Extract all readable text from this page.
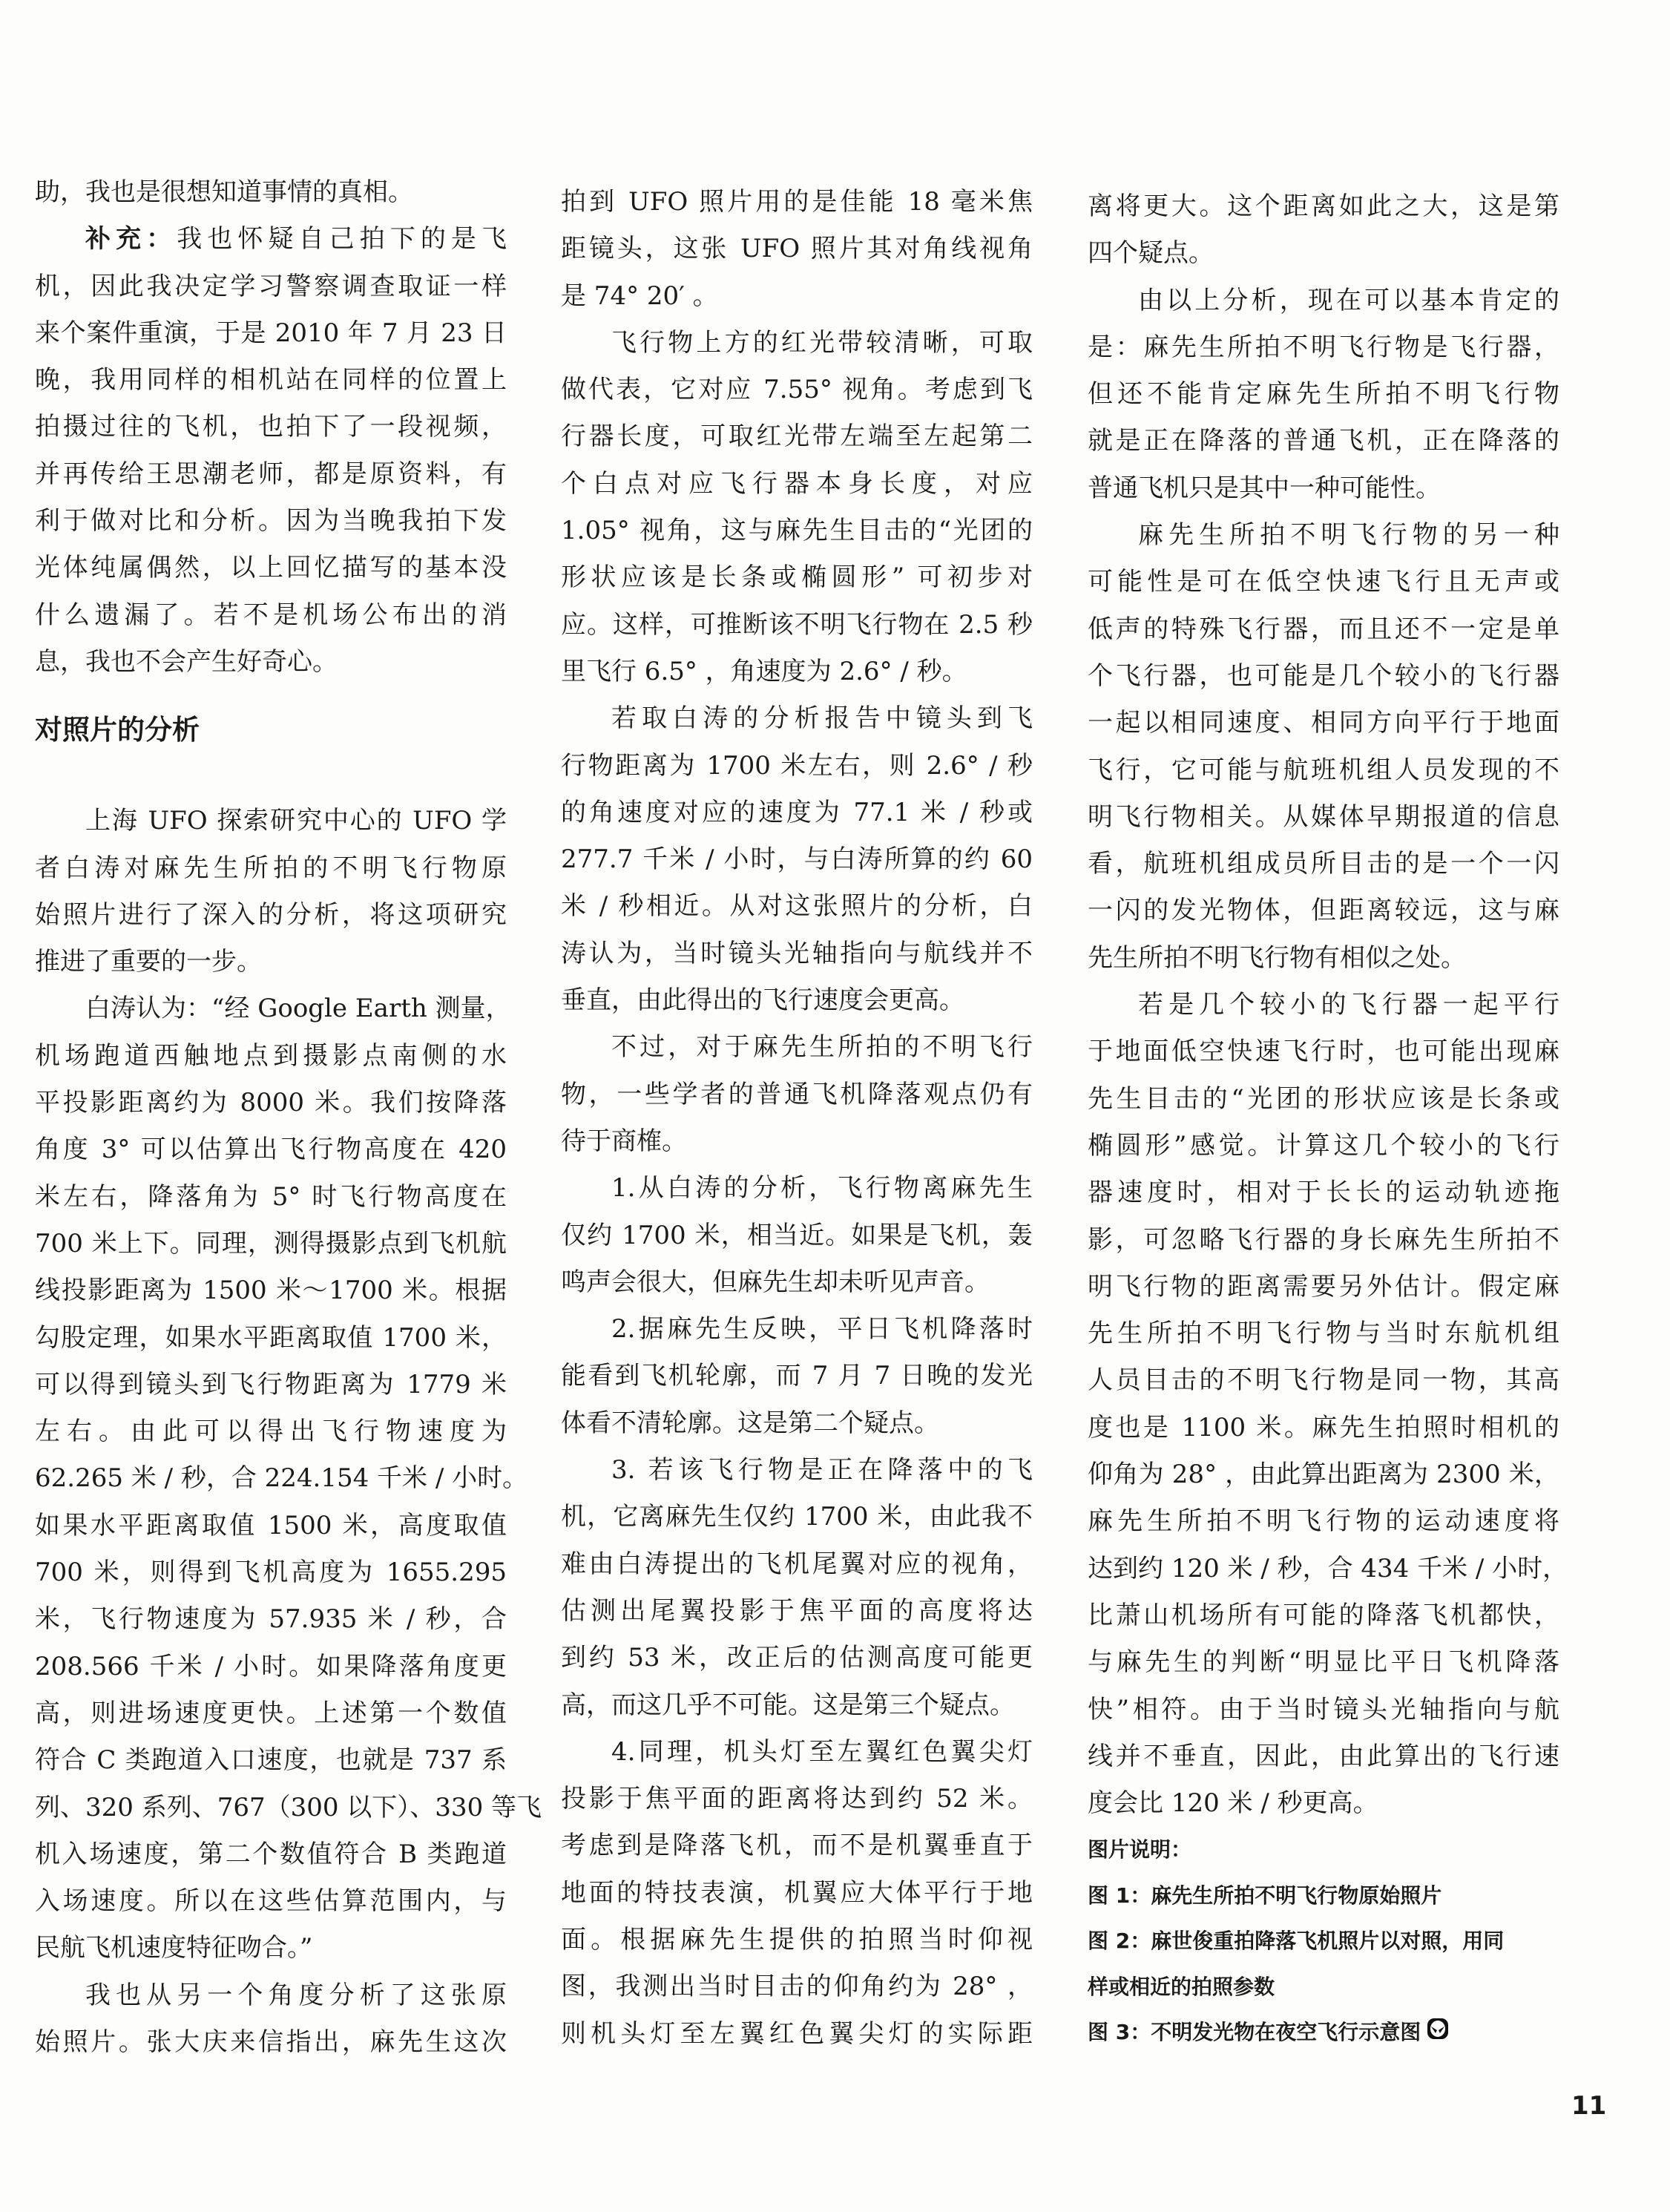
助，我也是很想知道事情的真相。
补充：我也怀疑自己拍下的是飞
机，因此我决定学习警察调查取证一样
来个案件重演，于是 2010 年 7 月 23 日
晚，我用同样的相机站在同样的位置上
拍摄过往的飞机，也拍下了一段视频，
并再传给王思潮老师，都是原资料，有
利于做对比和分析。因为当晚我拍下发
光体纯属偶然，以上回忆描写的基本没
什么遗漏了。若不是机场公布出的消
息，我也不会产生好奇心。
对照片的分析
上海 UFO 探索研究中心的 UFO 学
者白涛对麻先生所拍的不明飞行物原
始照片进行了深入的分析，将这项研究
推进了重要的一步。
白涛认为：“经 Google Earth 测量，
机场跑道西触地点到摄影点南侧的水
平投影距离约为 8000 米。我们按降落
角度 3° 可以估算出飞行物高度在 420
米左右，降落角为 5° 时飞行物高度在
700 米上下。同理，测得摄影点到飞机航
线投影距离为 1500 米～1700 米。根据
勾股定理，如果水平距离取值 1700 米，
可以得到镜头到飞行物距离为 1779 米
左右。由此可以得出飞行物速度为
62.265 米 / 秒，合 224.154 千米 / 小时。
如果水平距离取值 1500 米，高度取值
700 米，则得到飞机高度为 1655.295
米，飞行物速度为 57.935 米 / 秒，合
208.566 千米 / 小时。如果降落角度更
高，则进场速度更快。上述第一个数值
符合 C 类跑道入口速度，也就是 737 系
列、320 系列、767（300 以下）、330 等飞
机入场速度，第二个数值符合 B 类跑道
入场速度。所以在这些估算范围内，与
民航飞机速度特征吻合。”
我也从另一个角度分析了这张原
始照片。张大庆来信指出，麻先生这次
拍到 UFO 照片用的是佳能 18 毫米焦
距镜头，这张 UFO 照片其对角线视角
是 74° 20′ 。
飞行物上方的红光带较清晰，可取
做代表，它对应 7.55° 视角。考虑到飞
行器长度，可取红光带左端至左起第二
个白点对应飞行器本身长度，对应
1.05° 视角，这与麻先生目击的“光团的
形状应该是长条或椭圆形” 可初步对
应。这样，可推断该不明飞行物在 2.5 秒
里飞行 6.5° ，角速度为 2.6° / 秒。
若取白涛的分析报告中镜头到飞
行物距离为 1700 米左右，则 2.6° / 秒
的角速度对应的速度为 77.1 米 / 秒或
277.7 千米 / 小时，与白涛所算的约 60
米 / 秒相近。从对这张照片的分析，白
涛认为，当时镜头光轴指向与航线并不
垂直，由此得出的飞行速度会更高。
不过，对于麻先生所拍的不明飞行
物，一些学者的普通飞机降落观点仍有
待于商榷。
1.从白涛的分析，飞行物离麻先生
仅约 1700 米，相当近。如果是飞机，轰
鸣声会很大，但麻先生却未听见声音。
2.据麻先生反映，平日飞机降落时
能看到飞机轮廓，而 7 月 7 日晚的发光
体看不清轮廓。这是第二个疑点。
3. 若该飞行物是正在降落中的飞
机，它离麻先生仅约 1700 米，由此我不
难由白涛提出的飞机尾翼对应的视角，
估测出尾翼投影于焦平面的高度将达
到约 53 米，改正后的估测高度可能更
高，而这几乎不可能。这是第三个疑点。
4.同理，机头灯至左翼红色翼尖灯
投影于焦平面的距离将达到约 52 米。
考虑到是降落飞机，而不是机翼垂直于
地面的特技表演，机翼应大体平行于地
面。根据麻先生提供的拍照当时仰视
图，我测出当时目击的仰角约为 28° ，
则机头灯至左翼红色翼尖灯的实际距
离将更大。这个距离如此之大，这是第
四个疑点。
由以上分析，现在可以基本肯定的
是：麻先生所拍不明飞行物是飞行器，
但还不能肯定麻先生所拍不明飞行物
就是正在降落的普通飞机，正在降落的
普通飞机只是其中一种可能性。
麻先生所拍不明飞行物的另一种
可能性是可在低空快速飞行且无声或
低声的特殊飞行器，而且还不一定是单
个飞行器，也可能是几个较小的飞行器
一起以相同速度、相同方向平行于地面
飞行，它可能与航班机组人员发现的不
明飞行物相关。从媒体早期报道的信息
看，航班机组成员所目击的是一个一闪
一闪的发光物体，但距离较远，这与麻
先生所拍不明飞行物有相似之处。
若是几个较小的飞行器一起平行
于地面低空快速飞行时，也可能出现麻
先生目击的“光团的形状应该是长条或
椭圆形”感觉。计算这几个较小的飞行
器速度时，相对于长长的运动轨迹拖
影，可忽略飞行器的身长麻先生所拍不
明飞行物的距离需要另外估计。假定麻
先生所拍不明飞行物与当时东航机组
人员目击的不明飞行物是同一物，其高
度也是 1100 米。麻先生拍照时相机的
仰角为 28° ，由此算出距离为 2300 米，
麻先生所拍不明飞行物的运动速度将
达到约 120 米 / 秒，合 434 千米 / 小时，
比萧山机场所有可能的降落飞机都快，
与麻先生的判断“明显比平日飞机降落
快”相符。由于当时镜头光轴指向与航
线并不垂直，因此，由此算出的飞行速
度会比 120 米 / 秒更高。
图片说明：
图 1：麻先生所拍不明飞行物原始照片
图 2：麻世俊重拍降落飞机照片以对照，用同
样或相近的拍照参数
图 3：不明发光物在夜空飞行示意图
11
